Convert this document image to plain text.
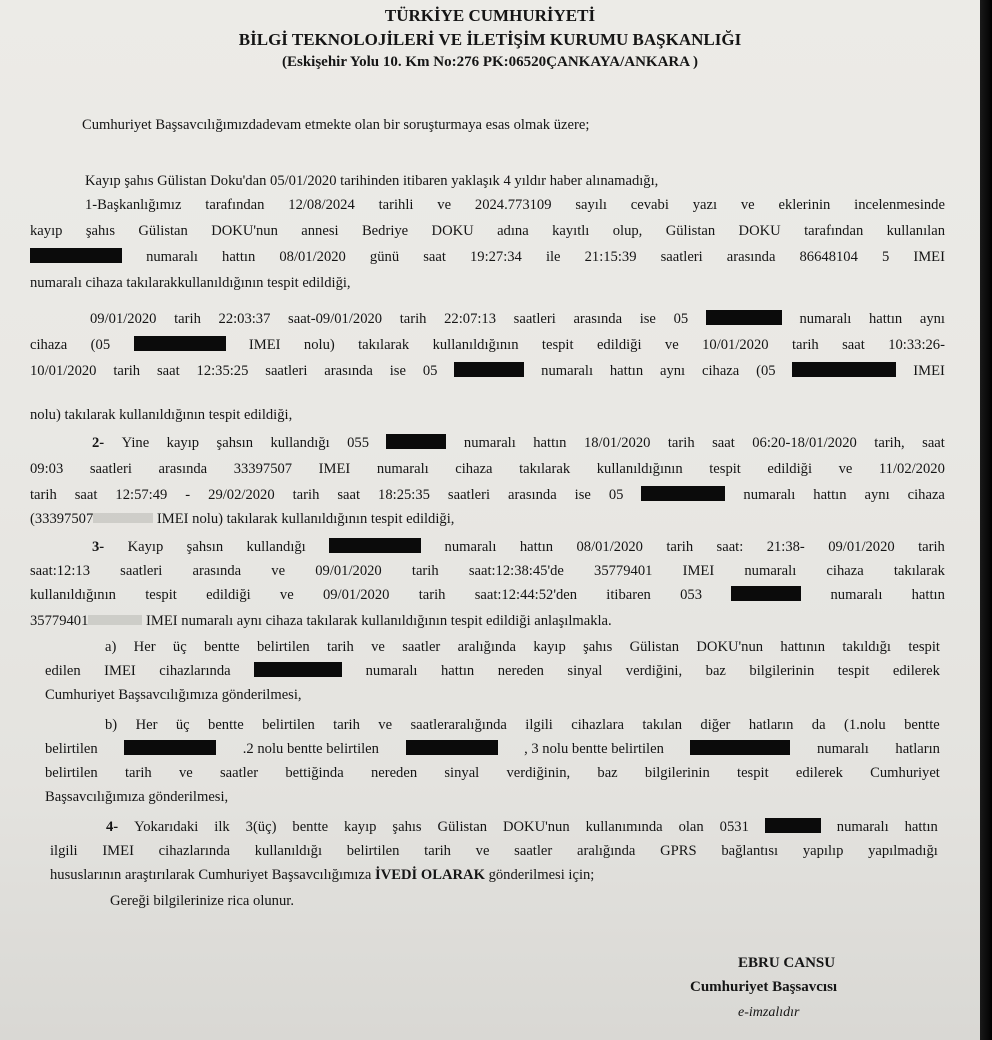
TÜRKİYE CUMHURİYETİ
BİLGİ TEKNOLOJİLERİ VE İLETİŞİM KURUMU BAŞKANLIĞI
(Eskişehir Yolu 10. Km No:276 PK:06520ÇANKAYA/ANKARA )
Cumhuriyet Başsavcılığımızdadevam etmekte olan bir soruşturmaya esas olmak üzere;
Kayıp şahıs Gülistan Doku'dan 05/01/2020 tarihinden itibaren yaklaşık 4 yıldır haber alınamadığı,
1-Başkanlığımız tarafından 12/08/2024 tarihli ve 2024.773109 sayılı cevabi yazı ve eklerinin incelenmesinde
kayıp şahıs Gülistan DOKU'nun annesi Bedriye DOKU adına kayıtlı olup, Gülistan DOKU tarafından kullanılan
numaralı hattın 08/01/2020 günü saat 19:27:34 ile 21:15:39 saatleri arasında 86648104 5 IMEI
numaralı cihaza takılarakkullanıldığının tespit edildiği,
09/01/2020 tarih 22:03:37 saat-09/01/2020 tarih 22:07:13 saatleri arasında ise 05	numaralı hattın aynı
cihaza (05	IMEI nolu) takılarak kullanıldığının tespit edildiği ve 10/01/2020 tarih saat 10:33:26-
10/01/2020 tarih saat 12:35:25 saatleri arasında ise 05	numaralı hattın aynı cihaza (05	IMEI
nolu) takılarak kullanıldığının tespit edildiği,
2- Yine kayıp şahsın kullandığı 055	numaralı hattın 18/01/2020 tarih saat 06:20-18/01/2020 tarih, saat
09:03 saatleri arasında 33397507 IMEI numaralı cihaza takılarak kullanıldığının tespit edildiği ve 11/02/2020
tarih saat 12:57:49 - 29/02/2020 tarih saat 18:25:35 saatleri arasında ise 05	numaralı hattın aynı cihaza
(33397507	IMEI nolu) takılarak kullanıldığının tespit edildiği,
3- Kayıp şahsın kullandığı	numaralı hattın 08/01/2020 tarih saat: 21:38- 09/01/2020 tarih
saat:12:13 saatleri arasında ve 09/01/2020 tarih saat:12:38:45'de 35779401 IMEI numaralı cihaza takılarak
kullanıldığının tespit edildiği ve 09/01/2020 tarih saat:12:44:52'den itibaren 053	numaralı hattın
35779401	IMEI numaralı aynı cihaza takılarak kullanıldığının tespit edildiği anlaşılmakla.
a) Her üç bentte belirtilen tarih ve saatler aralığında kayıp şahıs Gülistan DOKU'nun hattının takıldığı tespit
edilen IMEI cihazlarında	numaralı hattın nereden sinyal verdiğini, baz bilgilerinin tespit edilerek
Cumhuriyet Başsavcılığımıza gönderilmesi,
b) Her üç bentte belirtilen tarih ve saatleraralığında ilgili cihazlara takılan diğer hatların da (1.nolu bentte
belirtilen	.2 nolu bentte belirtilen	, 3 nolu bentte belirtilen	numaralı hatların
belirtilen tarih ve saatler bettiğinda nereden sinyal verdiğinin, baz bilgilerinin tespit edilerek Cumhuriyet
Başsavcılığımıza gönderilmesi,
4- Yokarıdaki ilk 3(üç) bentte kayıp şahıs Gülistan DOKU'nun kullanımında olan 0531	numaralı hattın
ilgili IMEI cihazlarında kullanıldığı belirtilen tarih ve saatler aralığında GPRS bağlantısı yapılıp yapılmadığı
hususlarının araştırılarak Cumhuriyet Başsavcılığımıza İVEDİ OLARAK gönderilmesi için;
Gereği bilgilerinize rica olunur.
EBRU CANSU
Cumhuriyet Başsavcısı
e-imzalıdır
